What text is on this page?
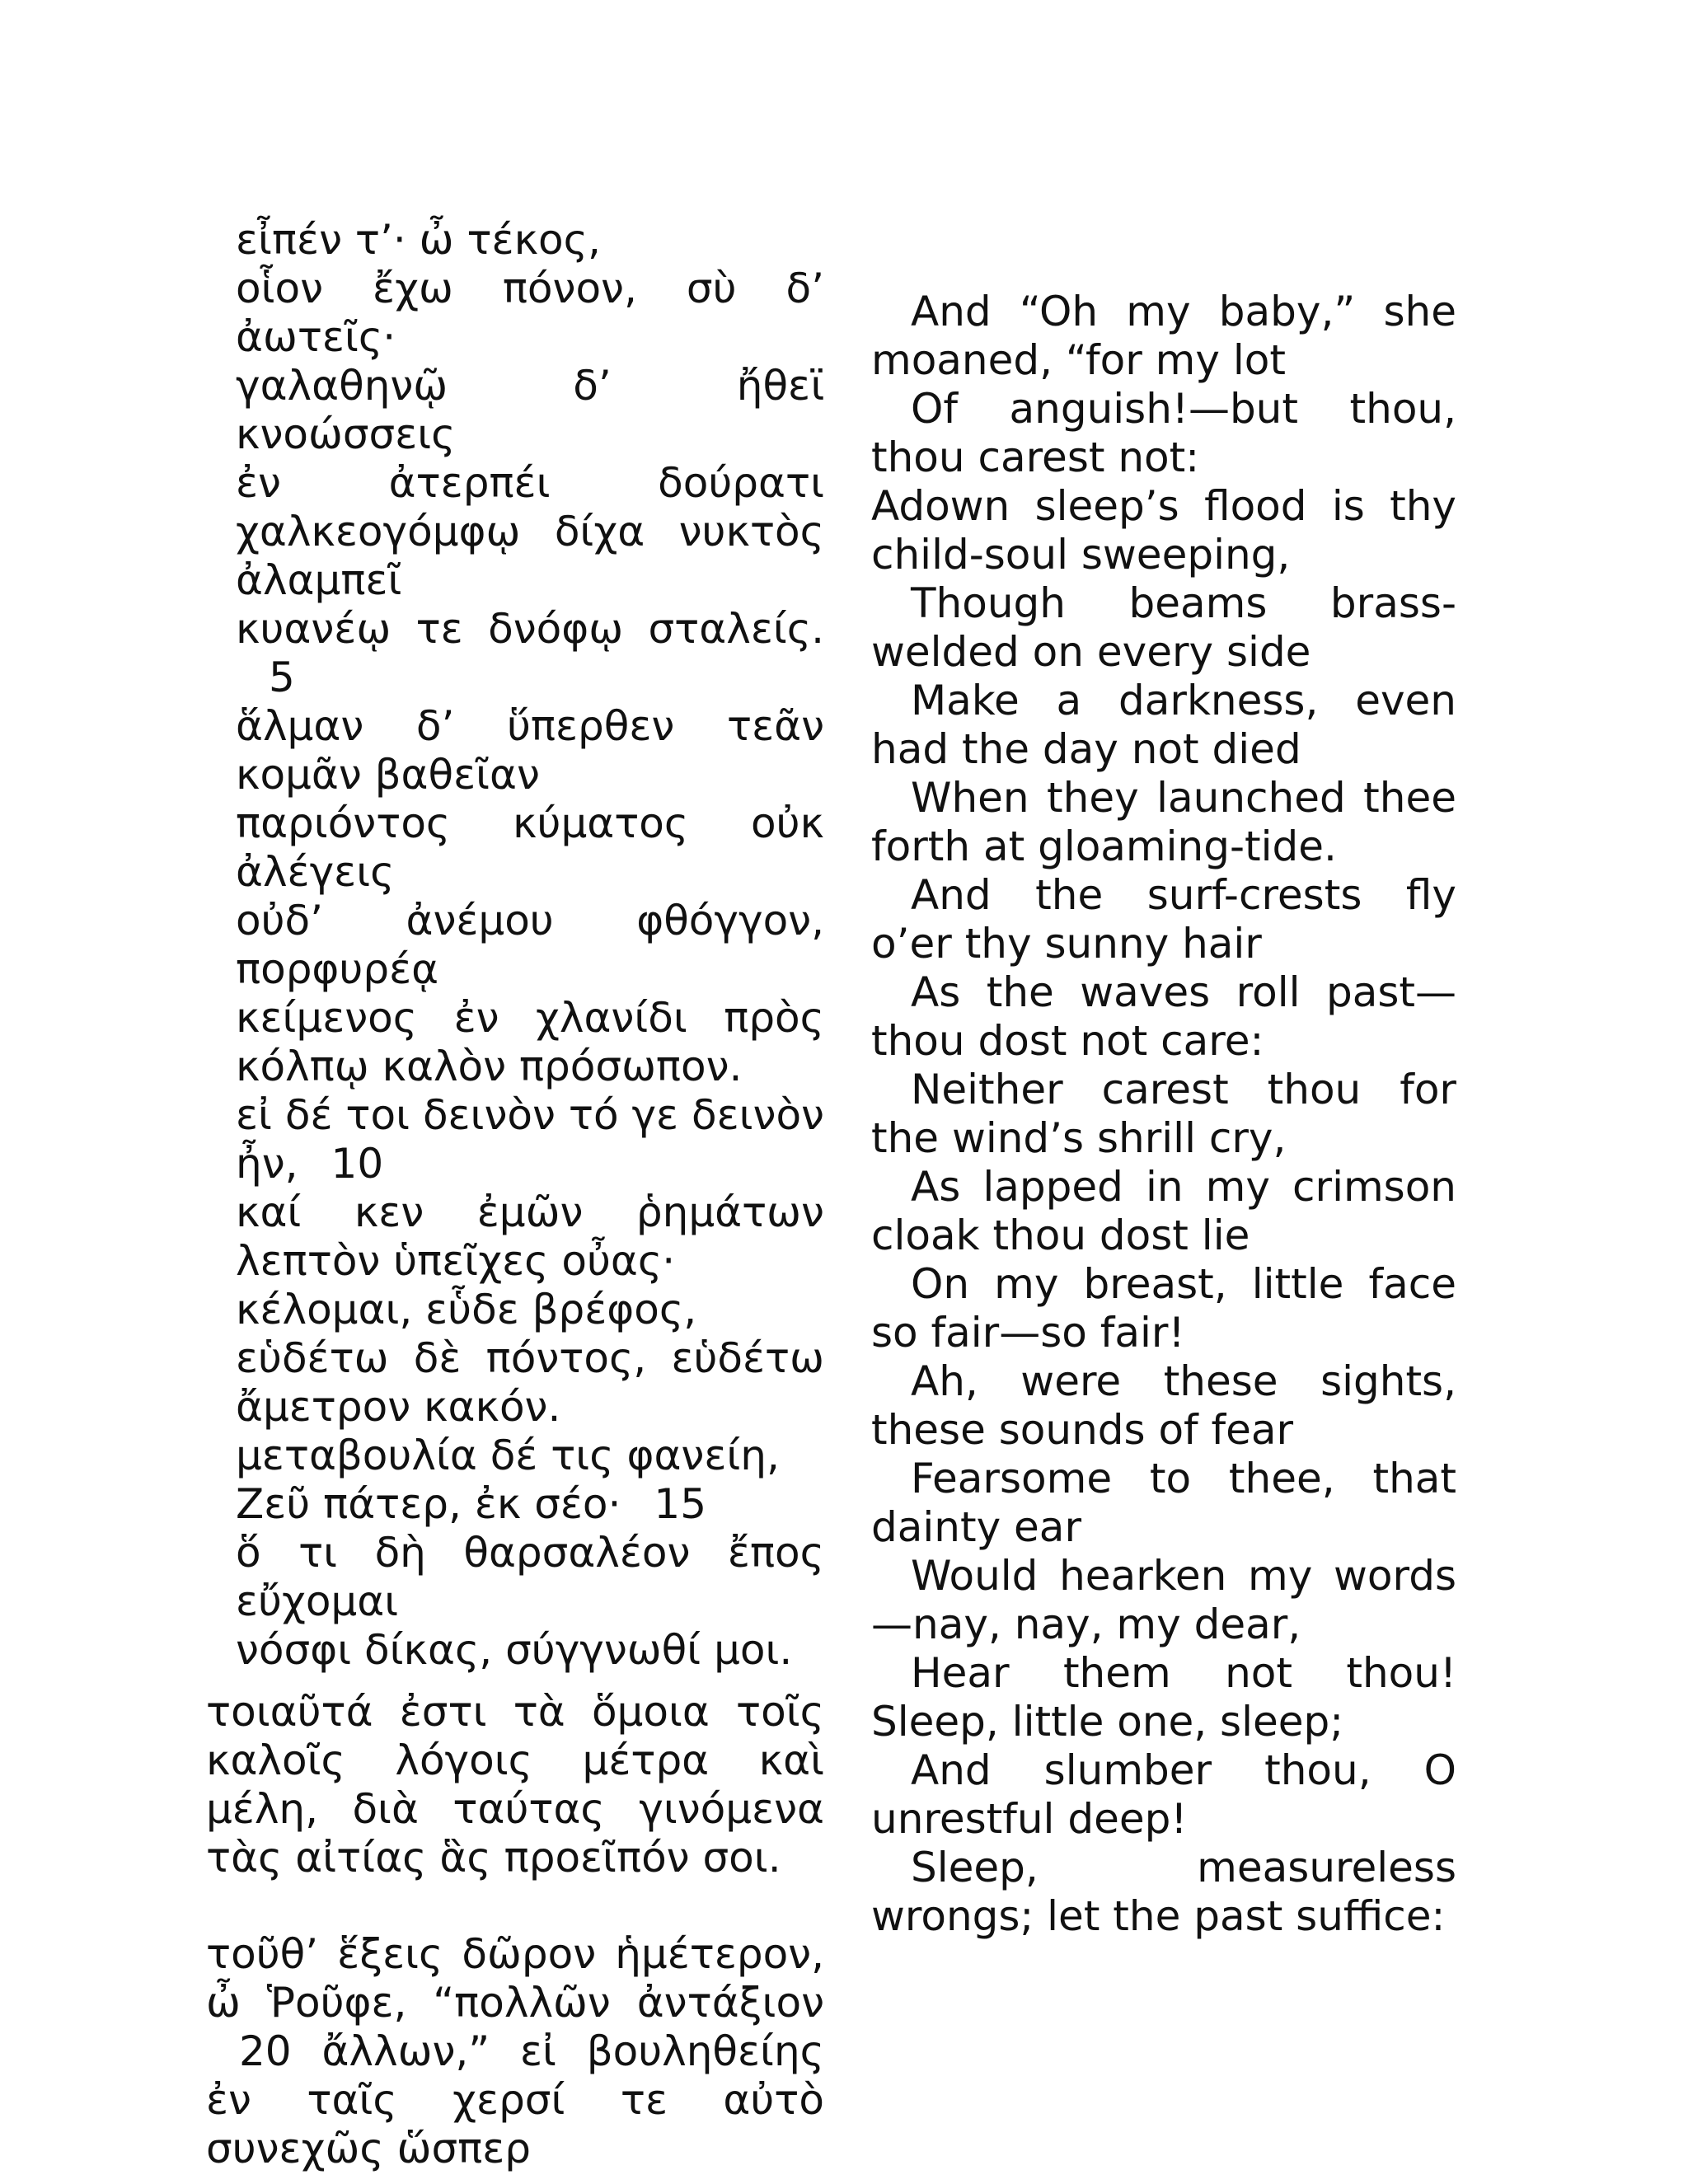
εἶπέν τ’· ὦ τέκος,
οἷον ἔχω πόνον, σὺ δ’ ἀωτεῖς·
γαλαθηνῷ δ’ ἤθεϊ κνοώσσεις
ἐν ἀτερπέι δούρατι χαλκεογόμφῳ δίχα νυκτὸς ἀλαμπεῖ
κυανέῳ τε δνόφῳ σταλείς.5
ἅλμαν δ’ ὕπερθεν τεᾶν κομᾶν βαθεῖαν
παριόντος κύματος οὐκ ἀλέγεις
οὐδ’ ἀνέμου φθόγγον, πορφυρέᾳ
κείμενος ἐν χλανίδι πρὸς κόλπῳ καλὸν πρόσωπον.
εἰ δέ τοι δεινὸν τό γε δεινὸν ἦν, 10
καί κεν ἐμῶν ῥημάτων λεπτὸν ὑπεῖχες οὖας·
κέλομαι, εὗδε βρέφος,
εὑδέτω δὲ πόντος, εὑδέτω ἄμετρον κακόν.
μεταβουλία δέ τις φανείη,
Ζεῦ πάτερ, ἐκ σέο· 15
ὅ τι δὴ θαρσαλέον ἔπος εὔχομαι
νόσφι δίκας, σύγγνωθί μοι.
τοιαῦτά ἐστι τὰ ὅμοια τοῖς καλοῖς λόγοις μέτρα καὶ μέλη, διὰ ταύτας γινόμενα τὰς αἰτίας ἃς προεῖπόν σοι.
τοῦθ’ ἕξεις δῶρον ἡμέτερον, ὦ Ῥοῦφε, “πολλῶν ἀντάξιον20 ἄλλων,” εἰ βουληθείης ἐν ταῖς χερσί τε αὐτὸ συνεχῶς ὥσπερ
And “Oh my baby,” she moaned, “for my lot
Of anguish!—but thou, thou carest not:
Adown sleep’s flood is thy child-soul sweeping,
Though beams brass-welded on every side
Make a darkness, even had the day not died
When they launched thee forth at gloaming-tide.
And the surf-crests fly o’er thy sunny hair
As the waves roll past—thou dost not care:
Neither carest thou for the wind’s shrill cry,
As lapped in my crimson cloak thou dost lie
On my breast, little face so fair—so fair!
Ah, were these sights, these sounds of fear
Fearsome to thee, that dainty ear
Would hearken my words—nay, nay, my dear,
Hear them not thou! Sleep, little one, sleep;
And slumber thou, O unrestful deep!
Sleep, measureless wrongs; let the past suffice:
